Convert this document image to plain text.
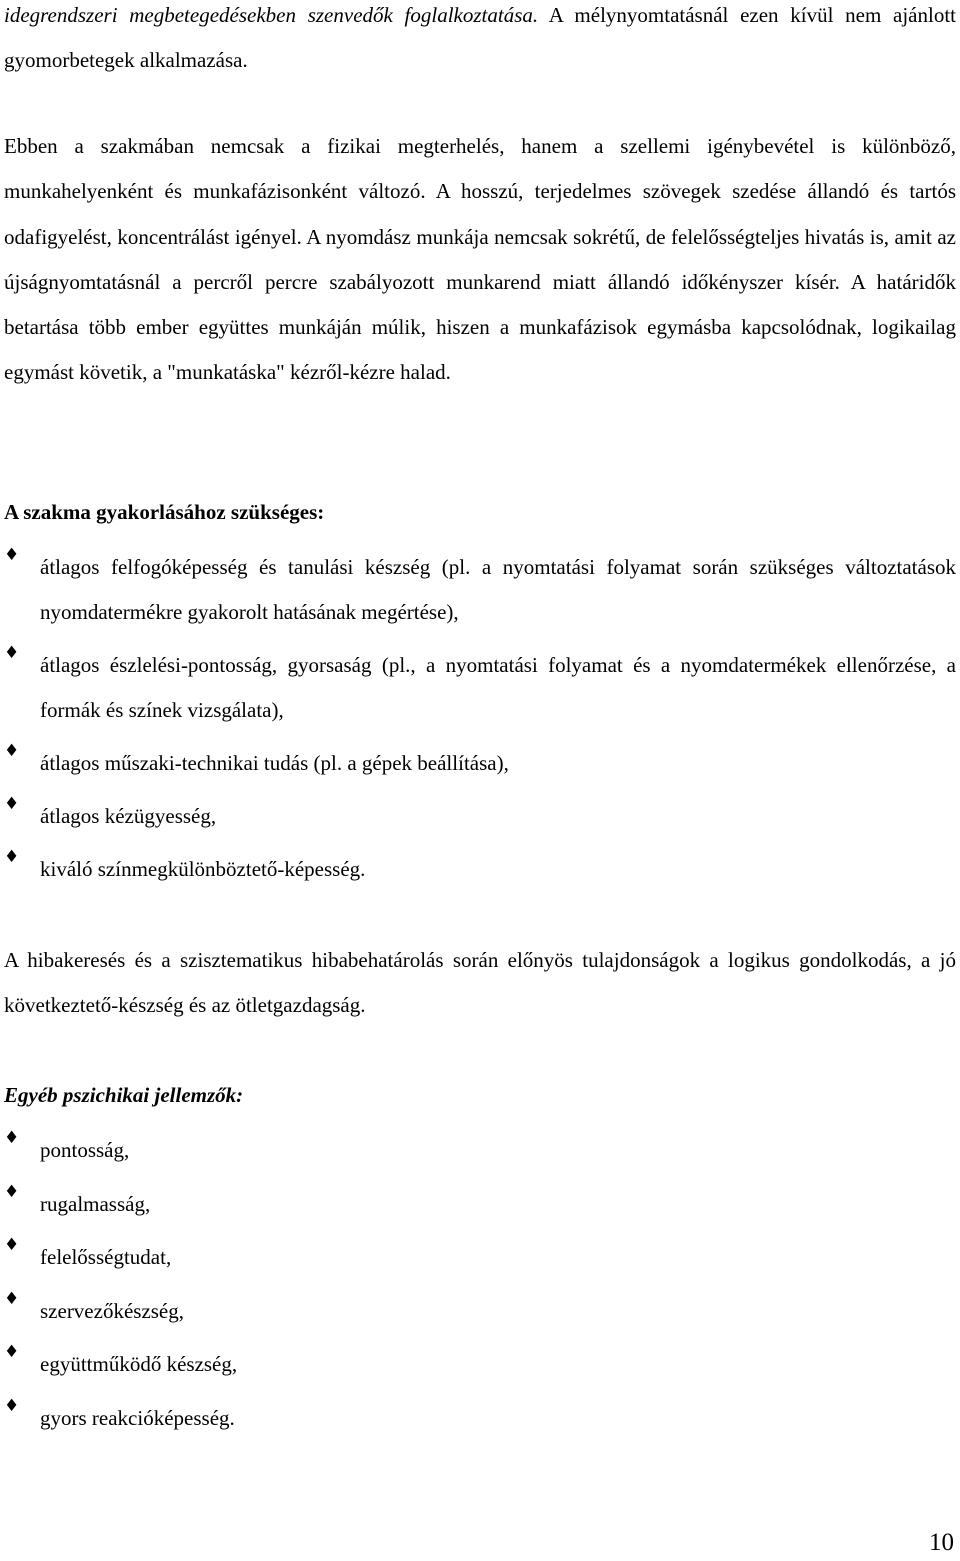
idegrendszeri megbetegedésekben szenvedők foglalkoztatása. A mélynyomtatásnál ezen kívül nem ajánlott gyomorbetegek alkalmazása.

Ebben a szakmában nemcsak a fizikai megterhelés, hanem a szellemi igénybevétel is különböző, munkahelyenként és munkafázisonként változó. A hosszú, terjedelmes szövegek szedése állandó és tartós odafigyelést, koncentrálást igényel. A nyomdász munkája nemcsak sokrétű, de felelősségteljes hivatás is, amit az újságnyomtatásnál a percről percre szabályozott munkarend miatt állandó időkényszer kísér. A határidők betartása több ember együttes munkáján múlik, hiszen a munkafázisok egymásba kapcsolódnak, logikailag egymást követik, a "munkatáska" kézről-kézre halad.

A szakma gyakorlásához szükséges:

♦ átlagos felfogóképesség és tanulási készség (pl. a nyomtatási folyamat során szükséges változtatások nyomdatermékre gyakorolt hatásának megértése),
♦ átlagos észlelési-pontosság, gyorsaság (pl., a nyomtatási folyamat és a nyomdatermékek ellenőrzése, a formák és színek vizsgálata),
♦ átlagos műszaki-technikai tudás (pl. a gépek beállítása),
♦ átlagos kézügyesség,
♦ kiváló színmegkülönböztető-képesség.

A hibakeresés és a szisztematikus hibabehatárolás során előnyös tulajdonságok a logikus gondolkodás, a jó következtető-készség és az ötletgazdagság.

Egyéb pszichikai jellemzők:

♦ pontosság,
♦ rugalmasság,
♦ felelősségtudat,
♦ szervezőkészség,
♦ együttműködő készség,
♦ gyors reakcióképesség.
10
